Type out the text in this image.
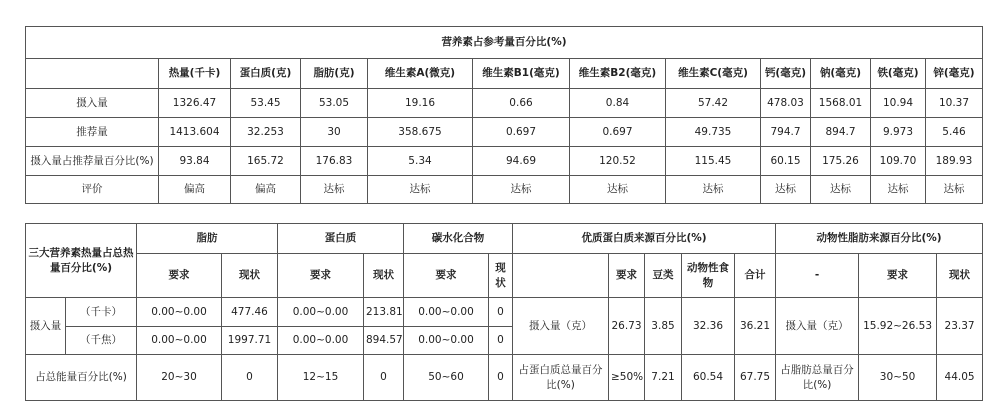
营养素占参考量百分比(%)											
	热量(千卡)	蛋白质(克)	脂肪(克)	维生素A(微克)	维生素B1(毫克)	维生素B2(毫克)	维生素C(毫克)	钙(毫克)	钠(毫克)	铁(毫克)	锌(毫克)
摄入量	1326.47	53.45	53.05	19.16	0.66	0.84	57.42	478.03	1568.01	10.94	10.37
推荐量	1413.604	32.253	30	358.675	0.697	0.697	49.735	794.7	894.7	9.973	5.46
摄入量占推荐量百分比(%)	93.84	165.72	176.83	5.34	94.69	120.52	115.45	60.15	175.26	109.70	189.93
评价	偏高	偏高	达标	达标	达标	达标	达标	达标	达标	达标	达标
三大营养素热量占总热量百分比(%)		脂肪		蛋白质		碳水化合物		优质蛋白质来源百分比(%)					动物性脂肪来源百分比(%)		
		要求	现状	要求	现状	要求	现状		要求	豆类	动物性食物	合计	-	要求	现状
摄入量	（千卡）	0.00~0.00	477.46	0.00~0.00	213.81	0.00~0.00	0	摄入量（克）	26.73	3.85	32.36	36.21	摄入量（克）	15.92~26.53	23.37
	（千焦）	0.00~0.00	1997.71	0.00~0.00	894.57	0.00~0.00	0								
占总能量百分比(%)		20~30	0	12~15	0	50~60	0	占蛋白质总量百分比(%)	≥50%	7.21	60.54	67.75	占脂肪总量百分比(%)	30~50	44.05
